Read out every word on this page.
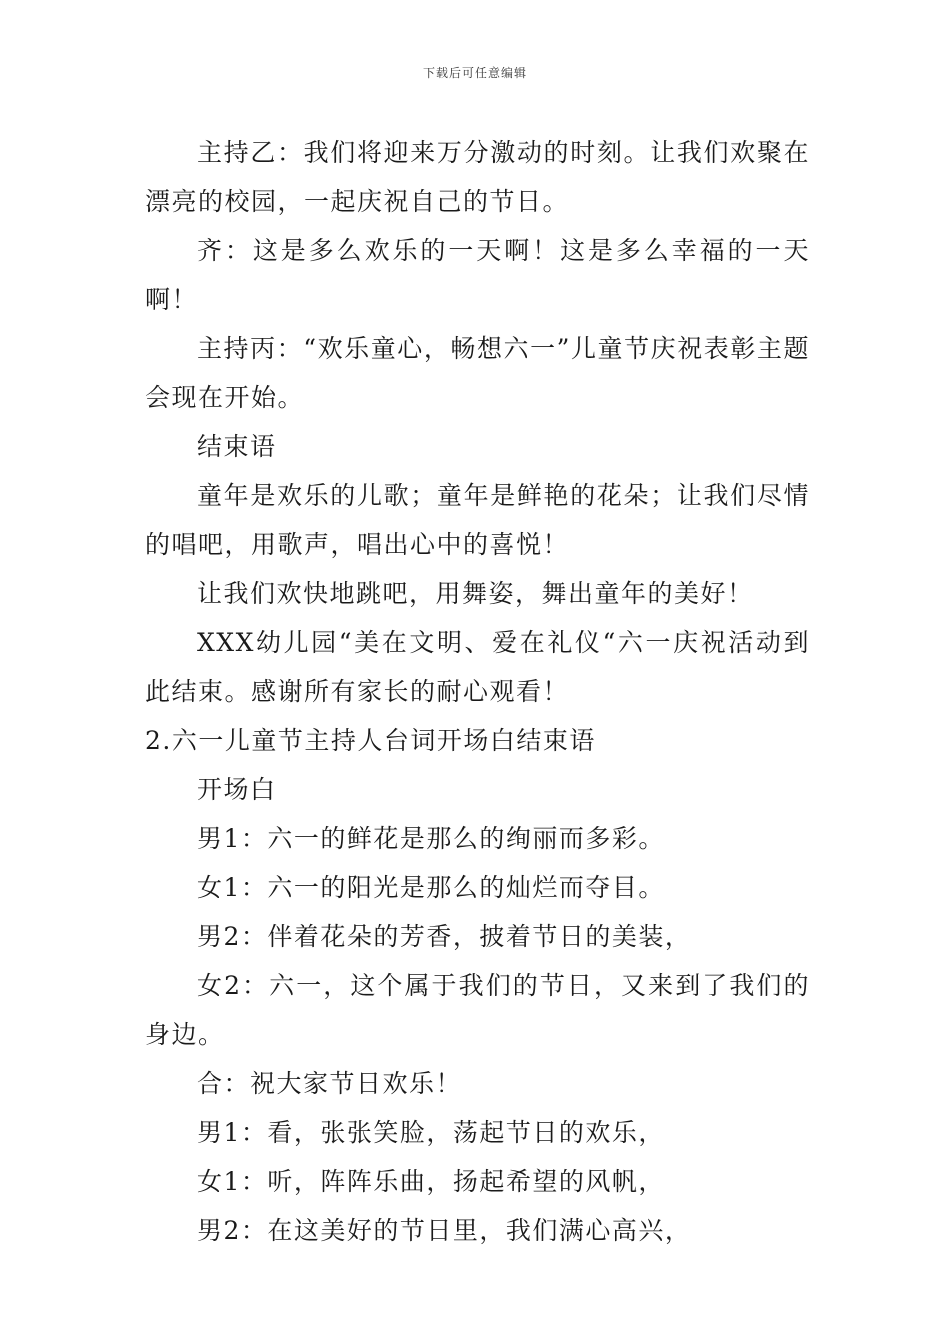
下载后可任意编辑

主持乙：我们将迎来万分激动的时刻。让我们欢聚在漂亮的校园，一起庆祝自己的节日。

齐：这是多么欢乐的一天啊！这是多么幸福的一天啊！

主持丙：“欢乐童心，畅想六一”儿童节庆祝表彰主题会现在开始。

结束语

童年是欢乐的儿歌；童年是鲜艳的花朵；让我们尽情的唱吧，用歌声，唱出心中的喜悦！

让我们欢快地跳吧，用舞姿，舞出童年的美好！

XXX幼儿园“美在文明、爱在礼仪“六一庆祝活动到此结束。感谢所有家长的耐心观看！

2.六一儿童节主持人台词开场白结束语

开场白

男1：六一的鲜花是那么的绚丽而多彩。

女1：六一的阳光是那么的灿烂而夺目。

男2：伴着花朵的芳香，披着节日的美装，

女2：六一，这个属于我们的节日，又来到了我们的身边。

合：祝大家节日欢乐！

男1：看，张张笑脸，荡起节日的欢乐，

女1：听，阵阵乐曲，扬起希望的风帆，

男2：在这美好的节日里，我们满心高兴，
